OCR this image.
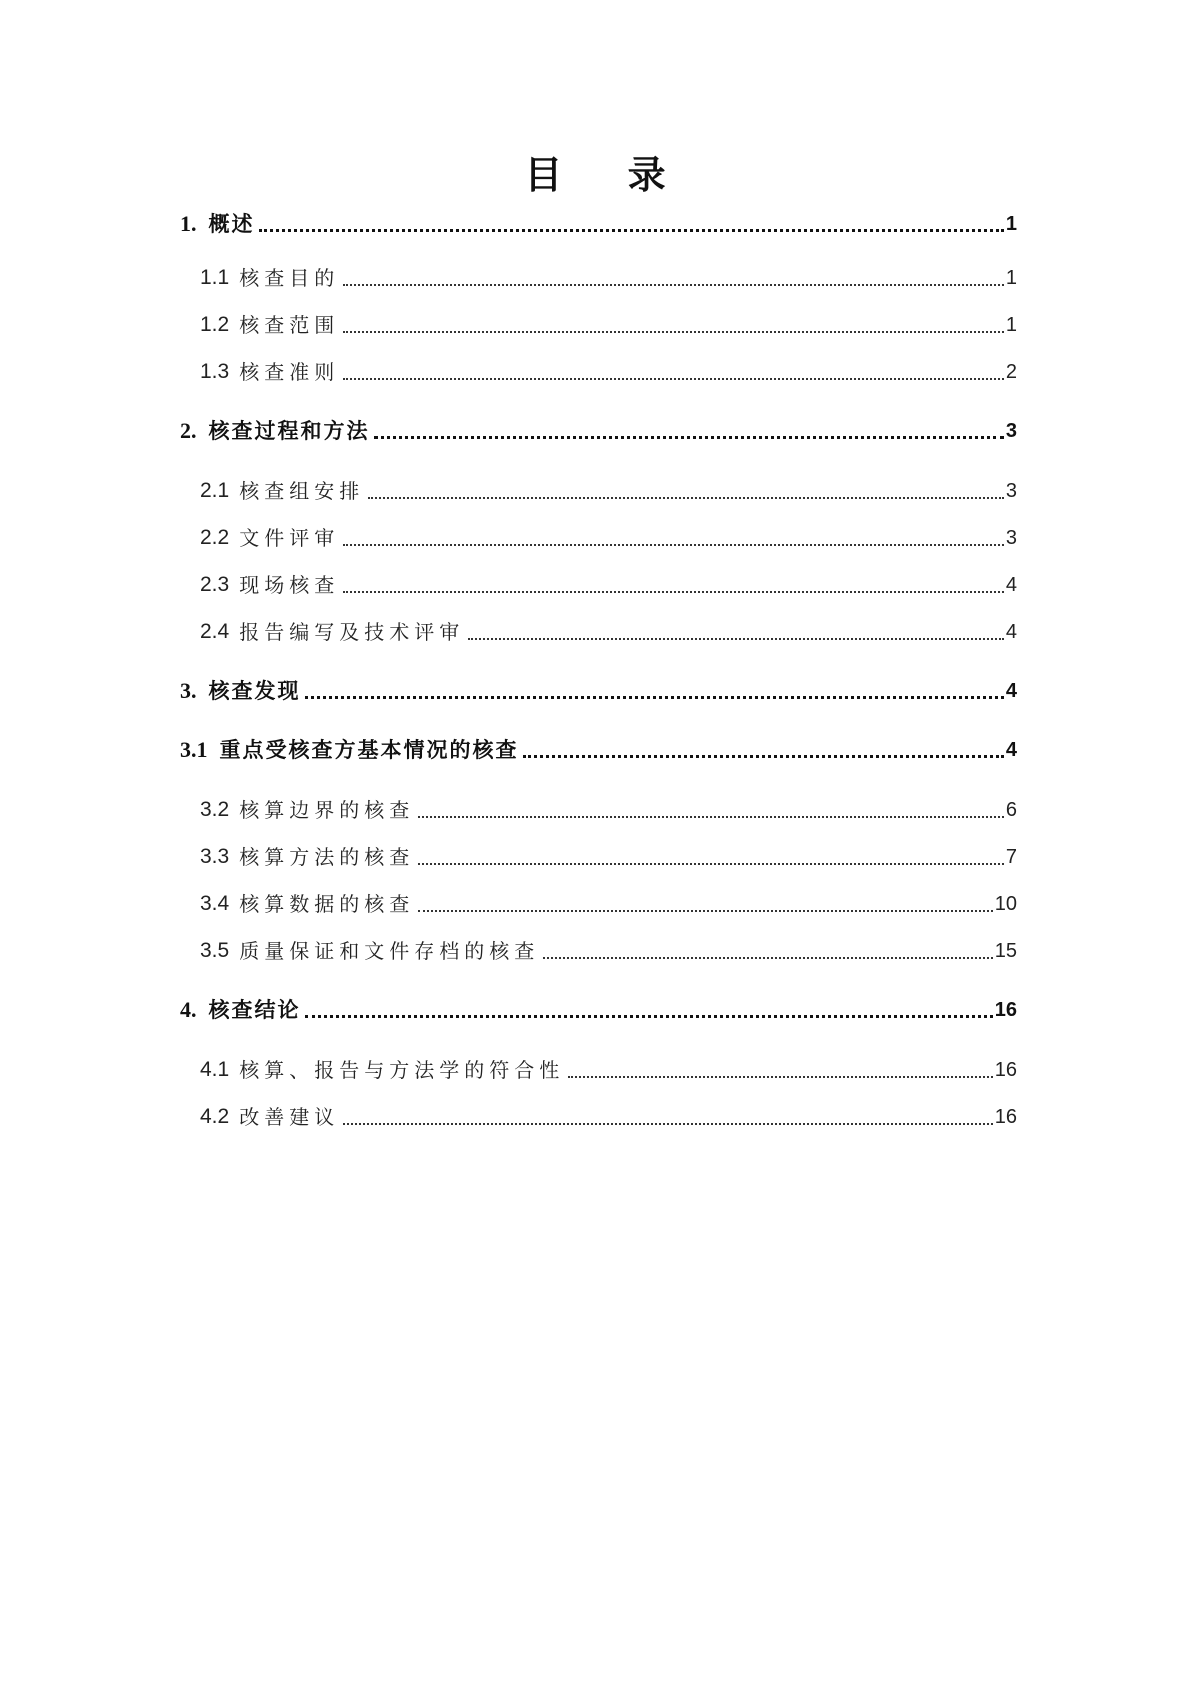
目 录
1. 概述	1
1.1 核查目的	1
1.2 核查范围	1
1.3 核查准则	2
2. 核查过程和方法	3
2.1 核查组安排	3
2.2 文件评审	3
2.3 现场核查	4
2.4 报告编写及技术评审	4
3. 核查发现	4
3.1 重点受核查方基本情况的核查	4
3.2 核算边界的核查	6
3.3 核算方法的核查	7
3.4 核算数据的核查	10
3.5 质量保证和文件存档的核查	15
4. 核查结论	16
4.1 核算、报告与方法学的符合性	16
4.2 改善建议	16
